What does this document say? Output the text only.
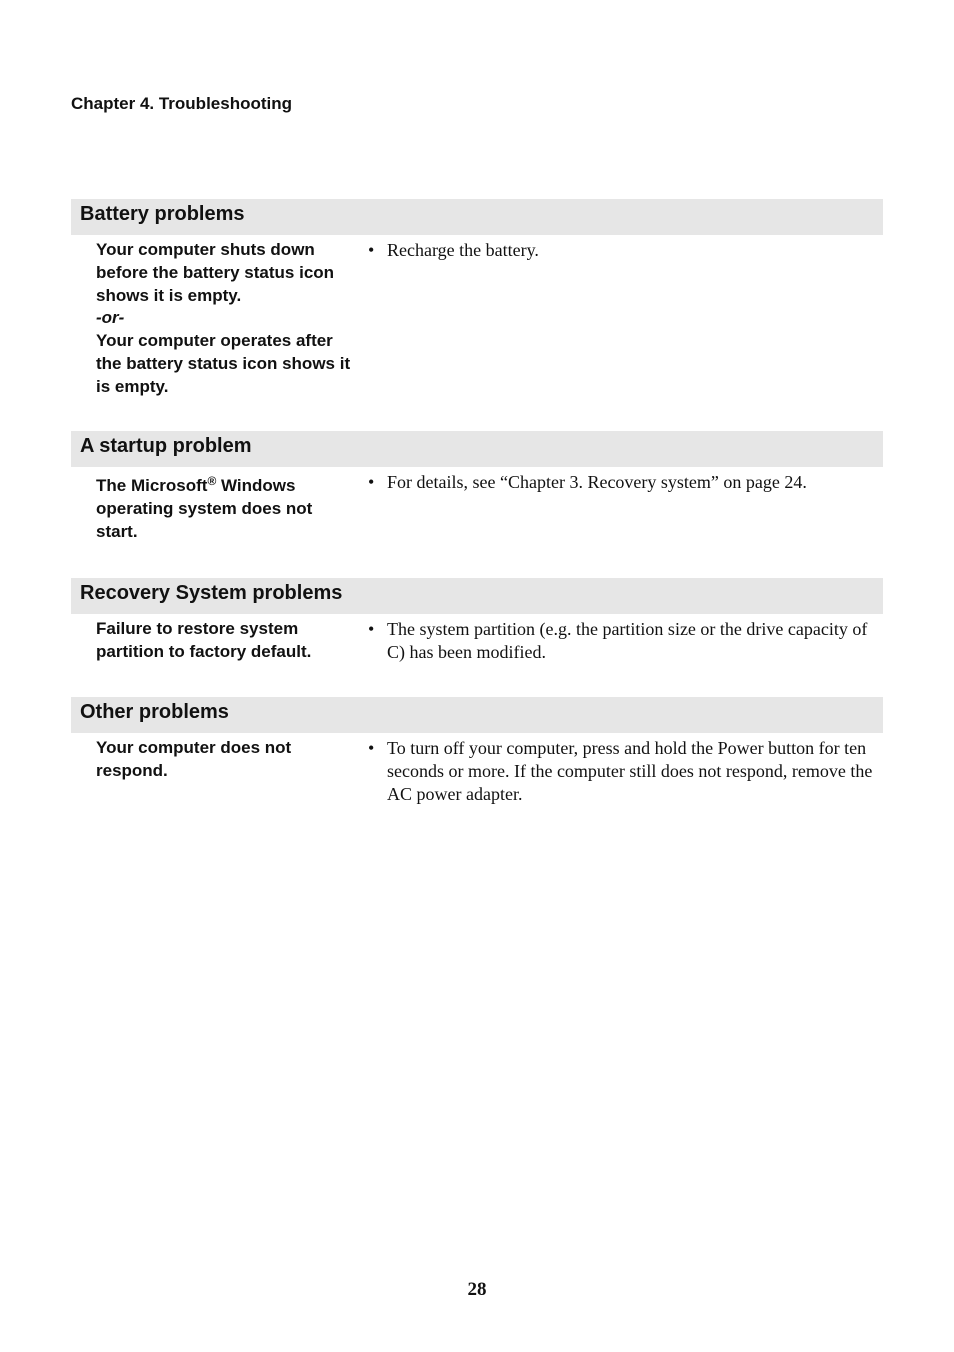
Chapter 4. Troubleshooting
Battery problems
Your computer shuts down before the battery status icon shows it is empty.
-or-
Your computer operates after the battery status icon shows it is empty.
• Recharge the battery.
A startup problem
The Microsoft® Windows operating system does not start.
• For details, see “Chapter 3. Recovery system” on page 24.
Recovery System problems
Failure to restore system partition to factory default.
• The system partition (e.g. the partition size or the drive capacity of C) has been modified.
Other problems
Your computer does not respond.
• To turn off your computer, press and hold the Power button for ten seconds or more. If the computer still does not respond, remove the AC power adapter.
28
